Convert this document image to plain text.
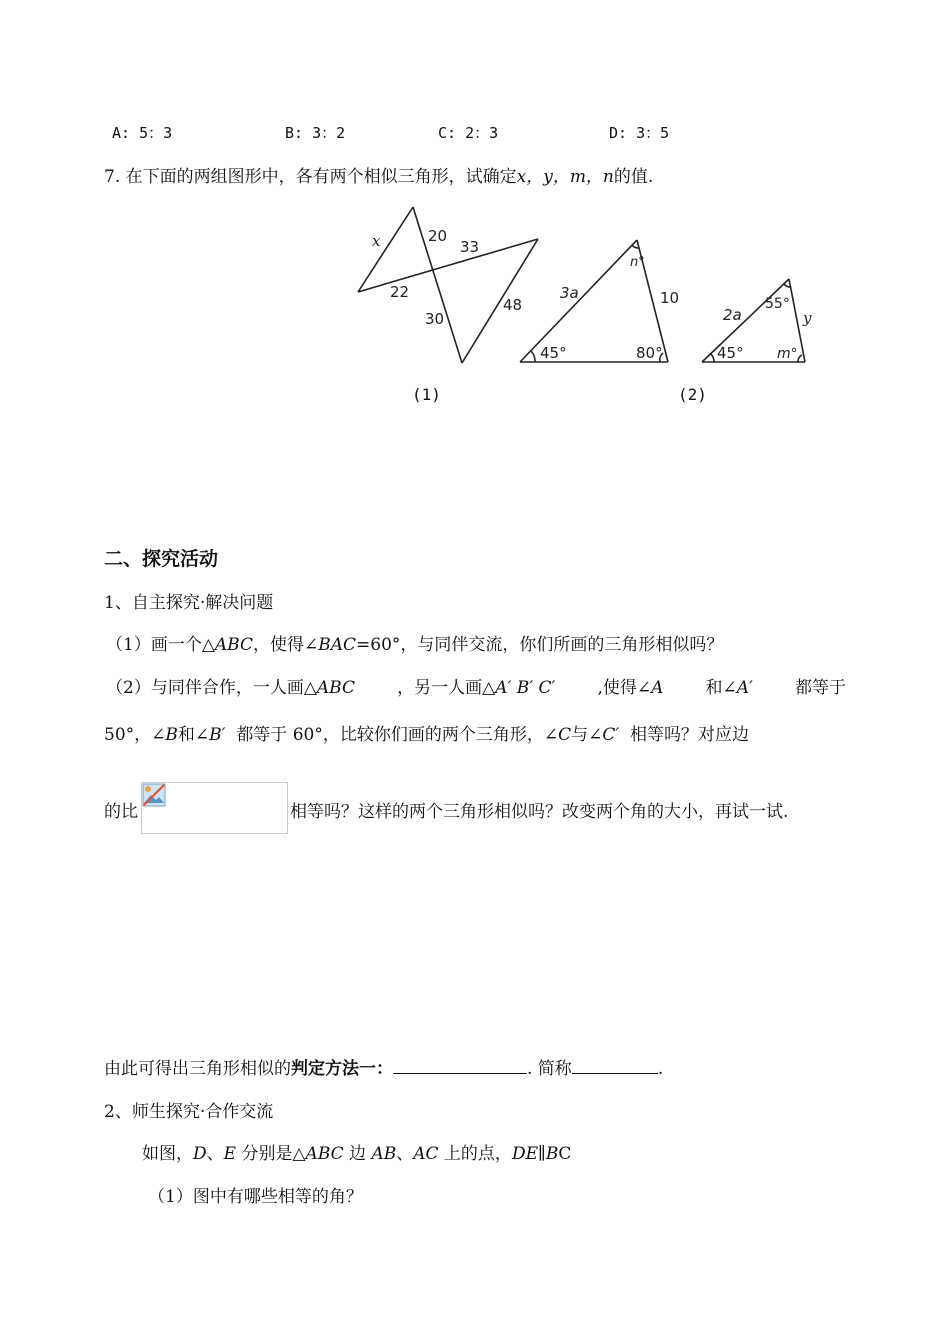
A: 5：3	B: 3：2	C: 2：3	D: 3：5
7. 在下面的两组图形中，各有两个相似三角形，试确定x，y，m，n的值.
x	20
33
22
30
48
3a
45°	80°
10
n°
2a
45° m°
55°
y
(1)	(2)
二、探究活动
1、自主探究·解决问题
（1）画一个△ABC，使得∠BAC=60°，与同伴交流，你们所画的三角形相似吗？
（2）与同伴合作，一人画△ABC ，另一人画△A′ B′ C′ ,使得∠A 和∠A′ 都等于
50°，∠B和∠B′ 都等于 60°，比较你们画的两个三角形，∠C与∠C′ 相等吗？对应边
的比	相等吗？这样的两个三角形相似吗？改变两个角的大小，再试一试.
由此可得出三角形相似的判定方法一：	. 简称	.
2、师生探究·合作交流
如图，D、E 分别是△ABC 边 AB、AC 上的点，DE∥BC
（1）图中有哪些相等的角？
